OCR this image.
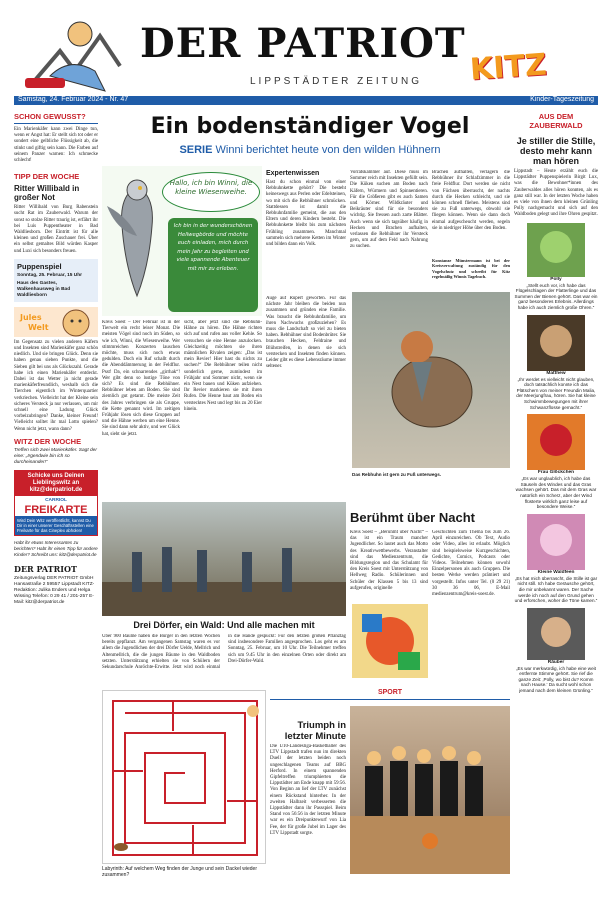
DER PATRIOT
KITZ
LIPPSTÄDTER ZEITUNG
Samstag, 24. Februar 2024 - Nr. 47	Kinder-Tageszeitung
SCHON GEWUSST?
Ein Marienkäfer kann zwei Dinge tun, wenn er Angst hat: Er stellt sich tot oder er sondert eine gelbliche Flüssigkeit ab, die stinkt und giftig sein kann. Die Farben auf seinem Panzer warnen: Ich schmecke schlecht!
TIPP DER WOCHE
Ritter Willibald in großer Not
Ritter Willibald von Burg Rabenstein sucht Rat im Zauberwald. Warum der sonst so stolze Ritter traurig ist, erfährt ihr bei Luis Puppentheater in Bad Waldliesborn. Der Eintritt ist für alle kleinen und großen Zuschauer frei. Über ein selbst gemaltes Bild würden Kasper und Luxi sich besonders freuen.
Puppenspiel
Sonntag, 25. Februar, 15 Uhr
Haus des Gastes, Walkenhausweg in Bad Waldliesborn
Jules
Welt
Im Gegensatz zu vielen anderen Käfern und Insekten sind Marienkäfer ganz schön niedlich. Und sie bringen Glück. Denn sie haben genau sieben Punkte, und die Sieben gilt bei uns als Glückszahl. Gerade habe ich einen Marienkäfer entdeckt. Dabei ist das Wetter ja nicht gerade marienkäferfreundlich, weshalb sich die Tierchen eigentlich im Winterquartier verkriechen. Vielleicht hat der Kleine sein sicheres Versteck ja nur verlassen, um mir schnell eine Ladung Glück vorbeizubringen? Danke, kleiner Freund! Vielleicht solltet ihr mal Lotto spielen? Wenn nicht jetzt, wann dann?
WITZ DER WOCHE
Treffen sich zwei Marienkäfer. Sagt der eine: „Irgendwie bin ich so durcheinander!“
Schicke uns Deinen Lieblingswitz an kitz@derpatriot.de
CARRIOL
FREIKARTE
Wird Dein Witz veröffentlicht, kannst Du Dir in einer unserer Geschäftsstellen eine Freikarte für das Cineplex abholen!
Habt ihr etwas Interessantes zu berichten? Habt ihr einen Tipp für andere Kinder? Schreibt uns: kitz@derpatriot.de
DER PATRIOT
Zeitungsverlag DER PATRIOT GmbH Hansastraße 2 59557 Lippstadt KITZ-Redaktion: Julika Enders und Helga Wissing Telefon: 0 29 41 / 201-257 E-Mail: kitz@derpatriot.de
Ein bodenständiger Vogel
SERIE Winni berichtet heute von den wilden Hühnern
Hallo, ich bin Winni, die kleine Wiesenweihe.
Ich bin in der wunderschönen Hellwegbörde und möchte euch einladen, mich durch mein Jahr zu begleiten und viele spannende Abenteuer mit mir zu erleben.
Expertenwissen
Hast du schon einmal von einer Rebhuhnkette gehört? Die besteht keineswegs aus Perlen oder Edelsteinen, wo mit sich die Rebhühner schmücken. Stattdessen ist damit die Rebhuhnfamilie gemeint, die aus den Eltern und deren Kindern besteht. Die Rebhuhnkette bleibt bis zum nächsten Frühling zusammen. Manchmal sammeln sich mehrere Ketten im Winter und bilden dann ein Volk.
Kreis Soest – Der Februar ist in der Tierwelt ein recht leiser Monat. Die meisten Vögel sind noch im Süden, so wie ich, Winni, die Wiesenweihe. Wer stimmreichen Konzerten lauschen möchte, muss sich noch etwas gedulden. Doch ein Ruf schallt durch die Abenddämmerung in der Feldflur. Psst! Da, ein schnarrendes „girrhak“! Wer gibt denn so lustige Töne von sich? Es sind die Rebhühner. Rebhühner leben am Boden. Sie sind ziemlich gut getarnt. Die meiste Zeit des Jahres verbringen sie als Gruppe, die Kette genannt wird. Im zeitigen Frühjahr lösen sich diese Gruppen auf und die Hähne werben um eine Henne. Sie sind dann sehr aktiv, und wer Glück hat, sieht sie jetzt.
sicht, aber jetzt sind die Rebhuhn-Hähne zu hören. Die Hähne richten sich auf und rufen aus voller Kehle. So versuchen sie eine Henne anzulocken. Gleichzeitig möchten sie ihren männlichen Rivalen zeigen: „Das ist mein Revier! Hier hast du nichts zu suchen!“ Die Rebhühner teilen nicht sonderlich gerne, zumindest im Frühjahr und Sommer nicht, wenn sie ein Nest bauen und Küken aufziehen. Ihr Revier markieren sie mit ihren Rufen. Die Henne baut am Boden ein verstecktes Nest und legt bis zu 20 Eier hinein.
Auge auf Rupert geworfen. Für das nächste Jahr bleiben die beiden nun zusammen und gründen eine Familie. Was braucht die Rebhuhnfamilie, um ihren Nachwuchs großzuziehen? Es muss die Landschaft so viel zu bieten haben. Rebhühner sind Bodenbrüter. Sie brauchen Hecken, Feldraine und Blühstreifen, in denen sie sich verstecken und Insekten finden können. Leider gibt es diese Lebensräume immer seltener.
Vorratskammer auf. Diese muss im Sommer reich mit Insekten gefüllt sein. Die Küken suchen am Boden nach Käfern, Würmern und Spinnentieren. Für die Größeren gibt es auch Samen und Körner. Wildkräuter und Beikräuter sind für sie besonders wichtig. Sie fressen auch zarte Blätter. Auch wenn sie sich tagsüber häufig in Hecken und Brachen aufhalten, verlassen die Rebhühner ihr Versteck gern, um auf dem Feld nach Nahrung zu suchen.
Brachen aufhalten, verlagern die Rebhühner ihr Schlafzimmer in die freie Feldflur. Dort werden sie nicht von Füchsen überrascht, der nachts durch die Hecken schleicht, und sie können schnell fliehen. Meistens sind sie zu Fuß unterwegs, obwohl sie fliegen können. Wenn sie dann doch einmal aufgescheucht werden, segeln sie in niedriger Höhe über den Boden.
Konstanze Münstermann ist bei der Kreisverwaltung zuständig für den Vogelschutz und schreibt für Kitz regelmäßig Winnis Tagebuch.
Das Rebhuhn ist gern zu Fuß unterwegs.
AUS DEM ZAUBERWALD
Je stiller die Stille, desto mehr kann man hören
Lippstadt – Heute erzählt euch die Lippstädter Puppenspielerin Birgit Lux, was die Bewohner*innen des Zauberwaldes alles hören konnten, als es ganz still war. In der letzten Woche haben es viele von ihnen dem kleinen Grünling Polly nachgemacht und sich auf den Waldboden gelegt und ihre Ohren gespitzt.
Polly
„Stellt euch vor, ich habe das Flügelschlagen der Flatterlinge und das Summen der Bienen gehört. Das war ein ganz besonderes Erlebnis. Allerdings habe ich auch ziemlich große Ohren.“
Matthew
„Ihr werdet es vielleicht nicht glauben, doch tatsächlich konnte ich das Plätschern von meiner Freundin Malia, der Meerjungfrau, hören. Sie hat kleine Schwimmbewegungen mit ihrer Schwanzflosse gemacht.“
Frau Glöckchen
„Es war unglaublich, ich habe das Säuseln des Windes und das Gras wachsen gehört. Das mit dem Gras war natürlich ein Scherz, aber der Wind flüsterte wirklich ganz leise auf besondere Weise.“
Kleine Waldfeen
„Es hat mich überrascht, die Stille ist gar nicht still. Ich habe Geräusche gehört, die mir unbekannt waren. Der Sache werde ich noch auf den Grund gehen und erforschen, woher die Töne kamen.“
Räuber
„Es war merkwürdig, ich habe eine weit entfernte Stimme gehört. Sie rief die ganze Zeit: ‚Polly, wo bist du? Komm nach Hause.‘ Da sucht wohl schon jemand nach dem kleinen Grünling.“
Drei Dörfer, ein Wald: Und alle machen mit
Über 900 Bäume haben die Bürger in den letzten Wochen bereits gepflanzt. Am vergangenen Samstag waren es vor allem die Jugendlichen der drei Dörfer Uelde, Mellrich und Altenmellrich, die die jungen Bäume in den Waldboden setzten. Unterstützung erhielten sie von Schülern der Sekundarschule Anröchte-Erwitte. Jetzt wird noch einmal in die Hände gespuckt: Für den letzten großen Pflanztag sind insbesondere Familien angesprochen. Los geht es am Sonntag, 25. Februar, um 10 Uhr. Die Teilnehmer treffen sich um 9.45 Uhr in den einzelnen Orten oder direkt am Drei-Dörfer-Wald.
Berühmt über Nacht
Kreis Soest – „Berühmt über Nacht“ – das ist ein Traum mancher Jugendlicher. So lautet auch das Motto des Kreativwettbewerbs. Veranstalter sind das Medienzentrum, die Bildungsregion und das Schulamt für den Kreis Soest mit Unterstützung von Hellweg Radio. Schülerinnen und Schüler der Klassen 5 bis 13 sind aufgerufen, originelle
Geschichten zum Thema bis zum 26. April einzureichen. Ob Text, Audio oder Video, alles ist erlaubt. Möglich sind beispielsweise Kurzgeschichten, Gedichte, Comics, Podcasts oder Videos. Teilnehmen können sowohl Einzelpersonen als auch Gruppen. Die besten Werke werden prämiert und vorgestellt. Infos unter Tel. (0 29 21) 30 36 06, E-Mail medienzentrum@kreis-soest.de.
Labyrinth: Auf welchem Weg finden der Junge und sein Dackel wieder zusammen?
SPORT
Triumph in letzter Minute
Die U10-Landesliga-Basketballer des LTV Lippstadt trafen nun im direkten Duell der letzten beiden noch ungeschlagenen Teams auf BBG Herford. In einem spannenden Gipfeltreffen triumphierten die Lippstädter am Ende knapp mit 59:56. Von Beginn an lief der LTV zunächst einem Rückstand hinterher. In der zweiten Halbzeit verbesserten die Lippstädter dann ihr Passspiel. Beim Stand von 56:56 in der letzten Minute war es ein Dreipunktewurf von Lia Fee, der für große Jubel im Lager des LTV Lippstadt sorgte.
